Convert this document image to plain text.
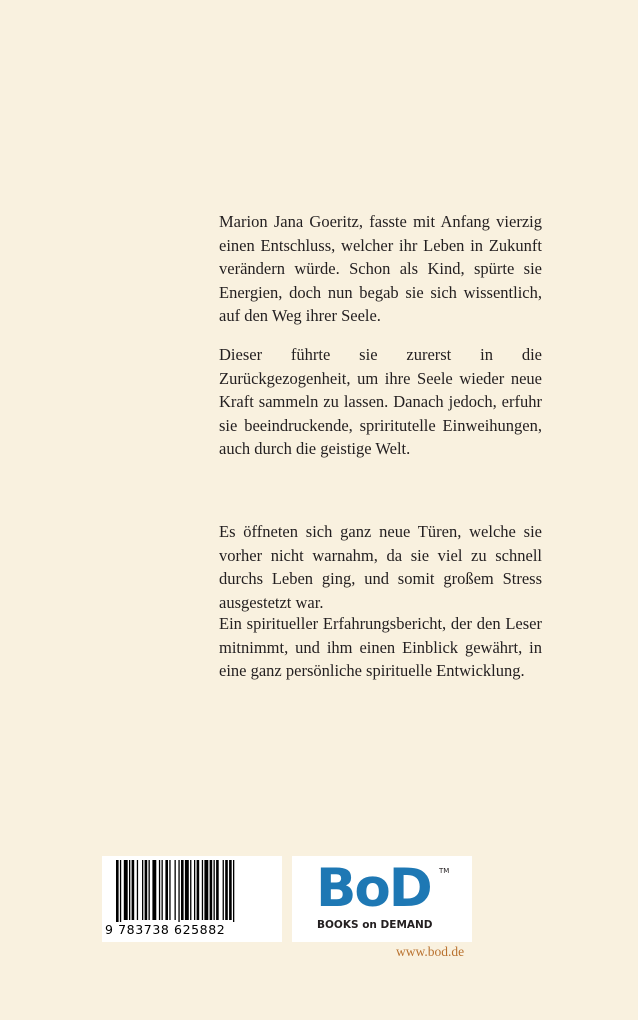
Marion Jana Goeritz, fasste mit Anfang vierzig einen Entschluss, welcher ihr Leben in Zukunft verändern würde. Schon als Kind, spürte sie Energien, doch nun begab sie sich wissentlich, auf den Weg ihrer Seele.

Dieser führte sie zurerst in die Zurückgezogenheit, um ihre Seele wieder neue Kraft sammeln zu lassen. Danach jedoch, erfuhr sie beeindruckende, spriritutelle Einweihungen, auch durch die geistige Welt.

Es öffneten sich ganz neue Türen, welche sie vorher nicht warnahm, da sie viel zu schnell durchs Leben ging, und somit großem Stress ausgestetzt war.

Ein spiritueller Erfahrungsbericht, der den Leser mitnimmt, und ihm einen Einblick gewährt, in eine ganz persönliche spirituelle Entwicklung.

9 783738 625882
BoD TM
BOOKS on DEMAND
www.bod.de
